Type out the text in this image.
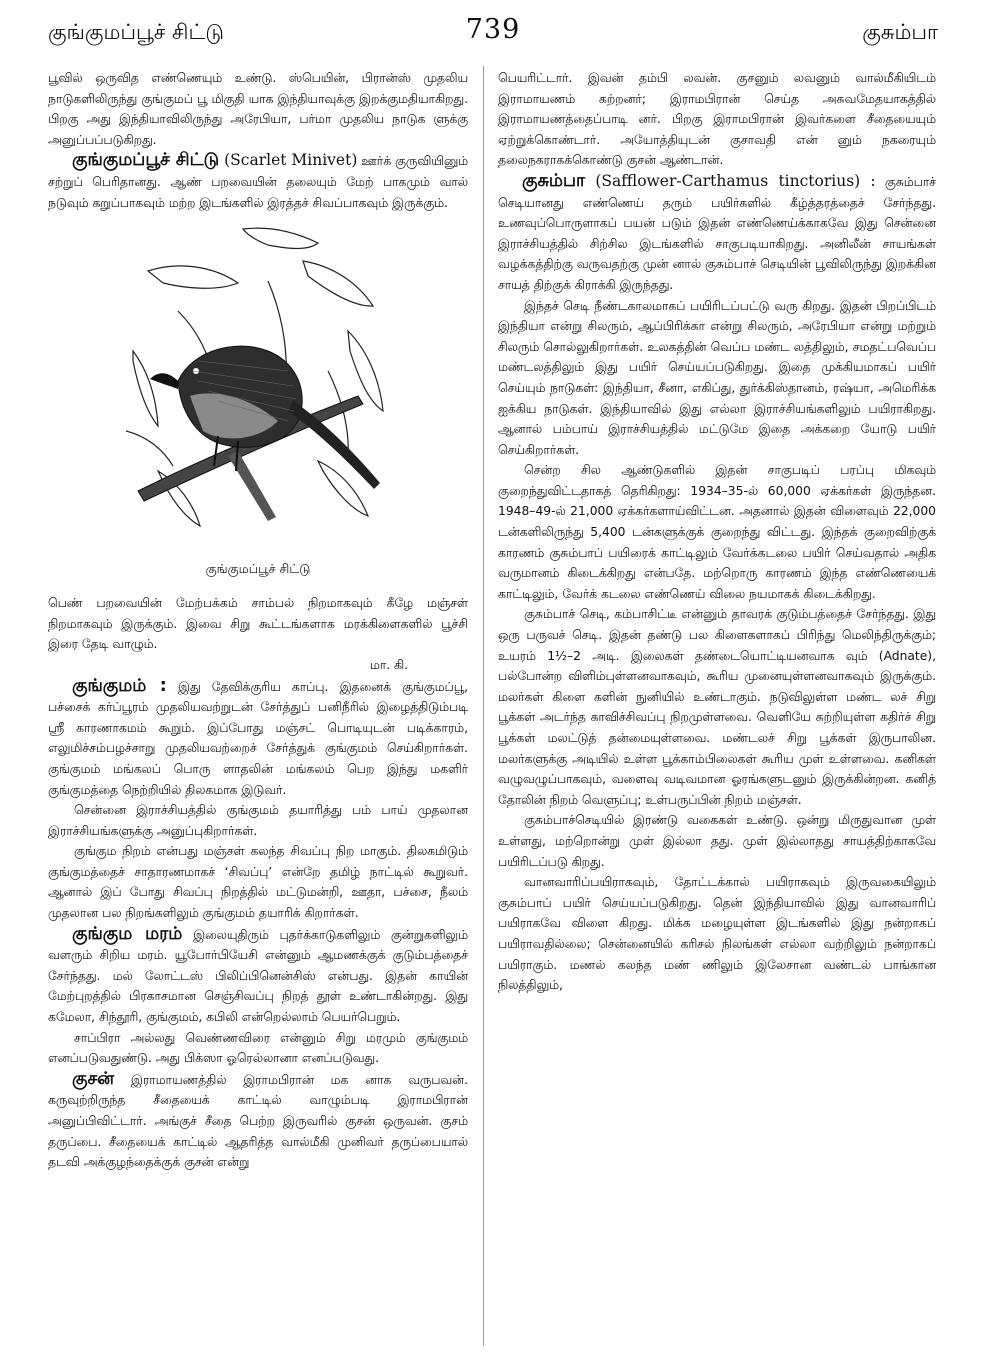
குங்குமப்பூச் சிட்டு	739	குசும்பா

பூவில் ஒருவித எண்ணெயும் உண்டு. ஸ்பெயின், பிரான்ஸ் முதலிய நாடுகளிலிருந்து குங்குமப் பூ மிகுதி யாக இந்தியாவுக்கு இறக்குமதியாகிறது. பிறகு அது இந்தியாவிலிருந்து அரேபியா, பர்மா முதலிய நாடுக ளுக்கு அனுப்பப்படுகிறது.

குங்குமப்பூச் சிட்டு (Scarlet Minivet) ஊர்க் குருவியினும் சற்றுப் பெரிதானது. ஆண் பறவையின் தலையும் மேற் பாகமும் வால் நடுவும் கறுப்பாகவும் மற்ற இடங்களில் இரத்தச் சிவப்பாகவும் இருக்கும்.

குங்குமப்பூச் சிட்டு

பெண் பறவையின் மேற்பக்கம் சாம்பல் நிறமாகவும் கீழே மஞ்சள் நிறமாகவும் இருக்கும். இவை சிறு கூட்டங்களாக மரக்கிளைகளில் பூச்சி இரை தேடி வாழும்.

மா. கி.

குங்குமம் : இது தேவிக்குரிய காப்பு. இதனைக் குங்குமப்பூ, பச்சைக் கர்ப்பூரம் முதலியவற்றுடன் சேர்த்துப் பனிநீரில் இழைத்திடும்படி ஸ்ரீ காரணாகமம் கூறும். இப்போது மஞ்சட் பொடியுடன் படிக்காரம், எலுமிச்சம்பழச்சாறு முதலியவற்றைச் சேர்த்துக் குங்குமம் செய்கிறார்கள். குங்குமம் மங்கலப் பொரு ளாதலின் மங்கலம் பெற இந்து மகளிர் குங்குமத்தை நெற்றியில் திலகமாக இடுவர்.

சென்னை இராச்சியத்தில் குங்குமம் தயாரித்து பம் பாய் முதலான இராச்சியங்களுக்கு அனுப்புகிறார்கள்.

குங்கும நிறம் என்பது மஞ்சள் கலந்த சிவப்பு நிற மாகும். திலகமிடும் குங்குமத்தைச் சாதாரணமாகச் ‘சிவப்பு’ என்றே தமிழ் நாட்டில் கூறுவர். ஆனால் இப் போது சிவப்பு நிறத்தில் மட்டுமன்றி, ஊதா, பச்சை, நீலம் முதலான பல நிறங்களிலும் குங்குமம் தயாரிக் கிறார்கள்.

குங்கும மரம் இலையுதிரும் புதர்க்காடுகளிலும் குன்றுகளிலும் வளரும் சிறிய மரம். யூபோர்பியேசி என்னும் ஆமணக்குக் குடும்பத்தைச் சேர்ந்தது. மல் லோட்டஸ் பிலிப்பினென்சிஸ் என்பது. இதன் காயின் மேற்புறத்தில் பிரகாசமான செஞ்சிவப்பு நிறத் தூள் உண்டாகின்றது. இது கமேலா, சிந்தூரி, குங்குமம், கபிலி என்றெல்லாம் பெயர்பெறும்.

சாப்பிரா அல்லது வெண்ணவிரை என்னும் சிறு மரமும் குங்குமம் எனப்படுவதுண்டு. அது பிக்ஸா ஓரெல்லானா எனப்படுவது.

குசன் இராமாயணத்தில் இராமபிரான் மக னாக வருபவன். கருவுற்றிருந்த சீதையைக் காட்டில் வாழும்படி இராமபிரான் அனுப்பிவிட்டார். அங்குச் சீதை பெற்ற இருவரில் குசன் ஒருவன். குசம் தருப்பை. சீதையைக் காட்டில் ஆதரித்த வால்மீகி முனிவர் தருப்பையால் தடவி அக்குழந்தைக்குக் குசன் என்று

பெயரிட்டார். இவன் தம்பி லவன். குசனும் லவனும் வால்மீகியிடம் இராமாயணம் கற்றனர்; இராமபிரான் செய்த அசுவமேதயாகத்தில் இராமாயணத்தைப்பாடி னர். பிறகு இராமபிரான் இவர்களை சீதையையும் ஏற்றுக்கொண்டார். அயோத்தியுடன் குசாவதி என் னும் நகரையும் தலைநகராகக்கொண்டு குசன் ஆண்டான்.

குசும்பா (Safflower-Carthamus tinctorius) : குசும்பாச் செடியானது எண்ணெய் தரும் பயிர்களில் கீழ்த்தரத்தைச் சேர்ந்தது. உணவுப்பொருளாகப் பயன் படும் இதன் எண்ணெய்க்காகவே இது சென்னை இராச்சியத்தில் சிற்சில இடங்களில் சாகுபடியாகிறது. அனிலீன் சாயங்கள் வழக்கத்திற்கு வருவதற்கு முன் னால் குசும்பாச் செடியின் பூவிலிருந்து இறக்கின சாயத் திற்குக் கிராக்கி இருந்தது.

இந்தச் செடி நீண்டகாலமாகப் பயிரிடப்பட்டு வரு கிறது. இதன் பிறப்பிடம் இந்தியா என்று சிலரும், ஆப்பிரிக்கா என்று சிலரும், அரேபியா என்று மற்றும் சிலரும் சொல்லுகிறார்கள். உலகத்தின் வெப்ப மண்ட லத்திலும், சமதட்பவெப்ப மண்டலத்திலும் இது பயிர் செய்யப்படுகிறது. இதை முக்கியமாகப் பயிர் செய்யும் நாடுகள்: இந்தியா, சீனா, எகிப்து, துர்க்கிஸ்தானம், ரஷ்யா, அமெரிக்க ஐக்கிய நாடுகள். இந்தியாவில் இது எல்லா இராச்சியங்களிலும் பயிராகிறது. ஆனால் பம்பாய் இராச்சியத்தில் மட்டுமே இதை அக்கறை யோடு பயிர் செய்கிறார்கள்.

சென்ற சில ஆண்டுகளில் இதன் சாகுபடிப் பரப்பு மிகவும் குறைந்துவிட்டதாகத் தெரிகிறது: 1934–35-ல் 60,000 ஏக்கர்கள் இருந்தன. 1948–49-ல் 21,000 ஏக்கர்களாய்விட்டன. அதனால் இதன் விளைவும் 22,000 டன்களிலிருந்து 5,400 டன்களுக்குக் குறைந்து விட்டது. இந்தக் குறைவிற்குக் காரணம் குசும்பாப் பயிரைக் காட்டிலும் வேர்க்கடலை பயிர் செய்வதால் அதிக வருமானம் கிடைக்கிறது என்பதே. மற்றொரு காரணம் இந்த எண்ணெயைக் காட்டிலும், வேர்க் கடலை எண்ணெய் விலை நயமாகக் கிடைக்கிறது.

குசும்பாச் செடி, கம்பாசிட்டீ என்னும் தாவரக் குடும்பத்தைச் சேர்ந்தது. இது ஒரு பருவச் செடி. இதன் தண்டு பல கிளைகளாகப் பிரிந்து மெலிந்திருக்கும்; உயரம் 1½–2 அடி. இலைகள் தண்டையொட்டியனவாக வும் (Adnate), பல்போன்ற விளிம்புள்ளனவாகவும், கூரிய முனையுள்ளனவாகவும் இருக்கும். மலர்கள் கிளை களின் நுனியில் உண்டாகும். நடுவிலுள்ள மண்ட லச் சிறு பூக்கள் அடர்ந்த காவிச்சிவப்பு நிறமுள்ளவை. வெளியே சுற்றியுள்ள கதிர்ச் சிறு பூக்கள் மலட்டுத் தன்மையுள்ளவை. மண்டலச் சிறு பூக்கள் இருபாலின. மலர்களுக்கு அடியில் உள்ள பூக்காம்பிலைகள் கூரிய முள் உள்ளவை. கனிகள் வழுவழுப்பாகவும், வளைவு வடிவமான ஓரங்களுடனும் இருக்கின்றன. கனித் தோலின் நிறம் வெளுப்பு; உள்பருப்பின் நிறம் மஞ்சள்.

குசும்பாச்செடியில் இரண்டு வகைகள் உண்டு. ஒன்று மிருதுவான முள் உள்ளது, மற்றொன்று முள் இல்லா தது. முள் இல்லாதது சாயத்திற்காகவே பயிரிடப்படு கிறது.

வானவாரிப்பயிராகவும், தோட்டக்கால் பயிராகவும் இருவகையிலும் குசும்பாப் பயிர் செய்யப்படுகிறது. தென் இந்தியாவில் இது வானவாரிப் பயிராகவே விளை கிறது. மிக்க மழையுள்ள இடங்களில் இது நன்றாகப் பயிராவதில்லை; சென்னையில் கரிசல் நிலங்கள் எல்லா வற்றிலும் நன்றாகப் பயிராகும். மணல் கலந்த மண் ணிலும் இலேசான வண்டல் பாங்கான நிலத்திலும்,
